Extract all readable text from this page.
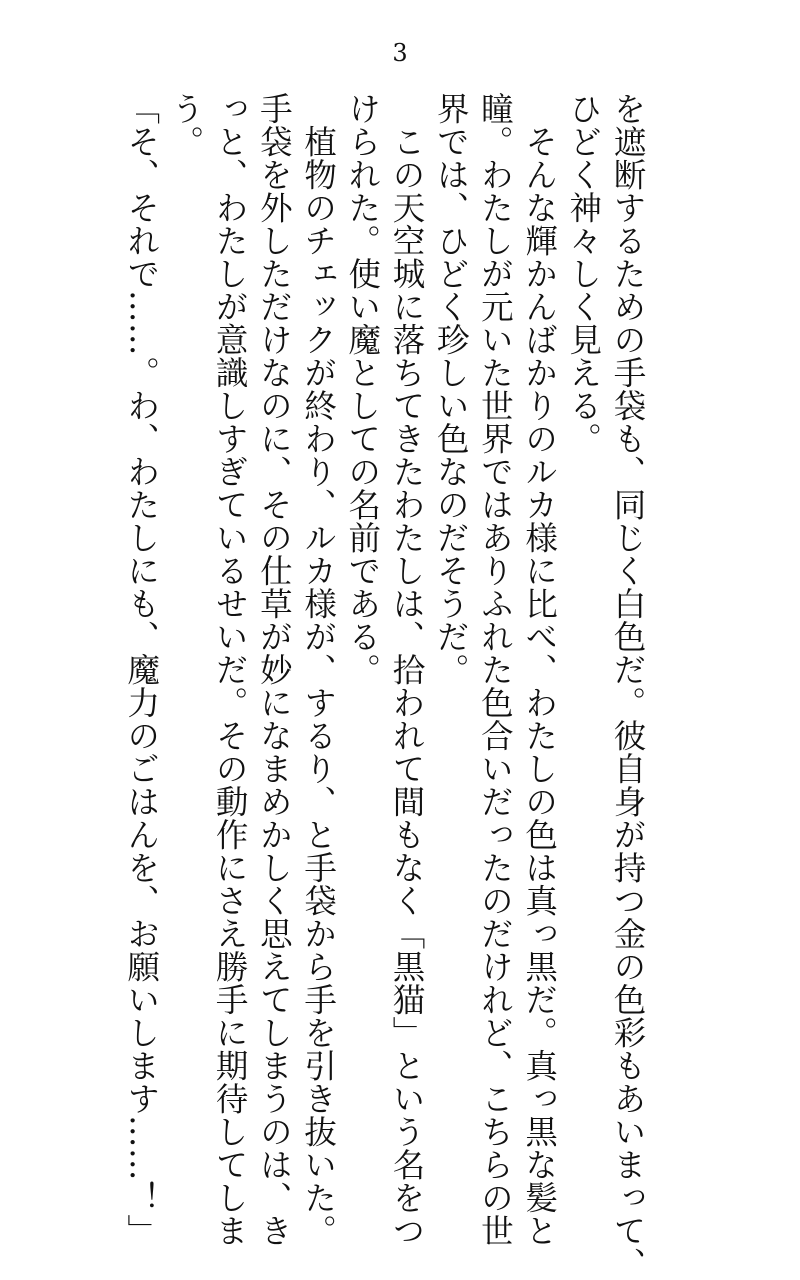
3
を遮断するための手袋も、同じく白色だ。彼自身が持つ金の色彩もあいまって、
ひどく神々しく見える。
　そんな輝かんばかりのルカ様に比べ、わたしの色は真っ黒だ。真っ黒な髪と
瞳。わたしが元いた世界ではありふれた色合いだったのだけれど、こちらの世
界では、ひどく珍しい色なのだそうだ。
　この天空城に落ちてきたわたしは、拾われて間もなく「黒猫」という名をつ
けられた。使い魔としての名前である。
　植物のチェックが終わり、ルカ様が、するり、と手袋から手を引き抜いた。
手袋を外しただけなのに、その仕草が妙になまめかしく思えてしまうのは、き
っと、わたしが意識しすぎているせいだ。その動作にさえ勝手に期待してしま
う。
「そ、それで……。わ、わたしにも、魔力のごはんを、お願いします……！」
